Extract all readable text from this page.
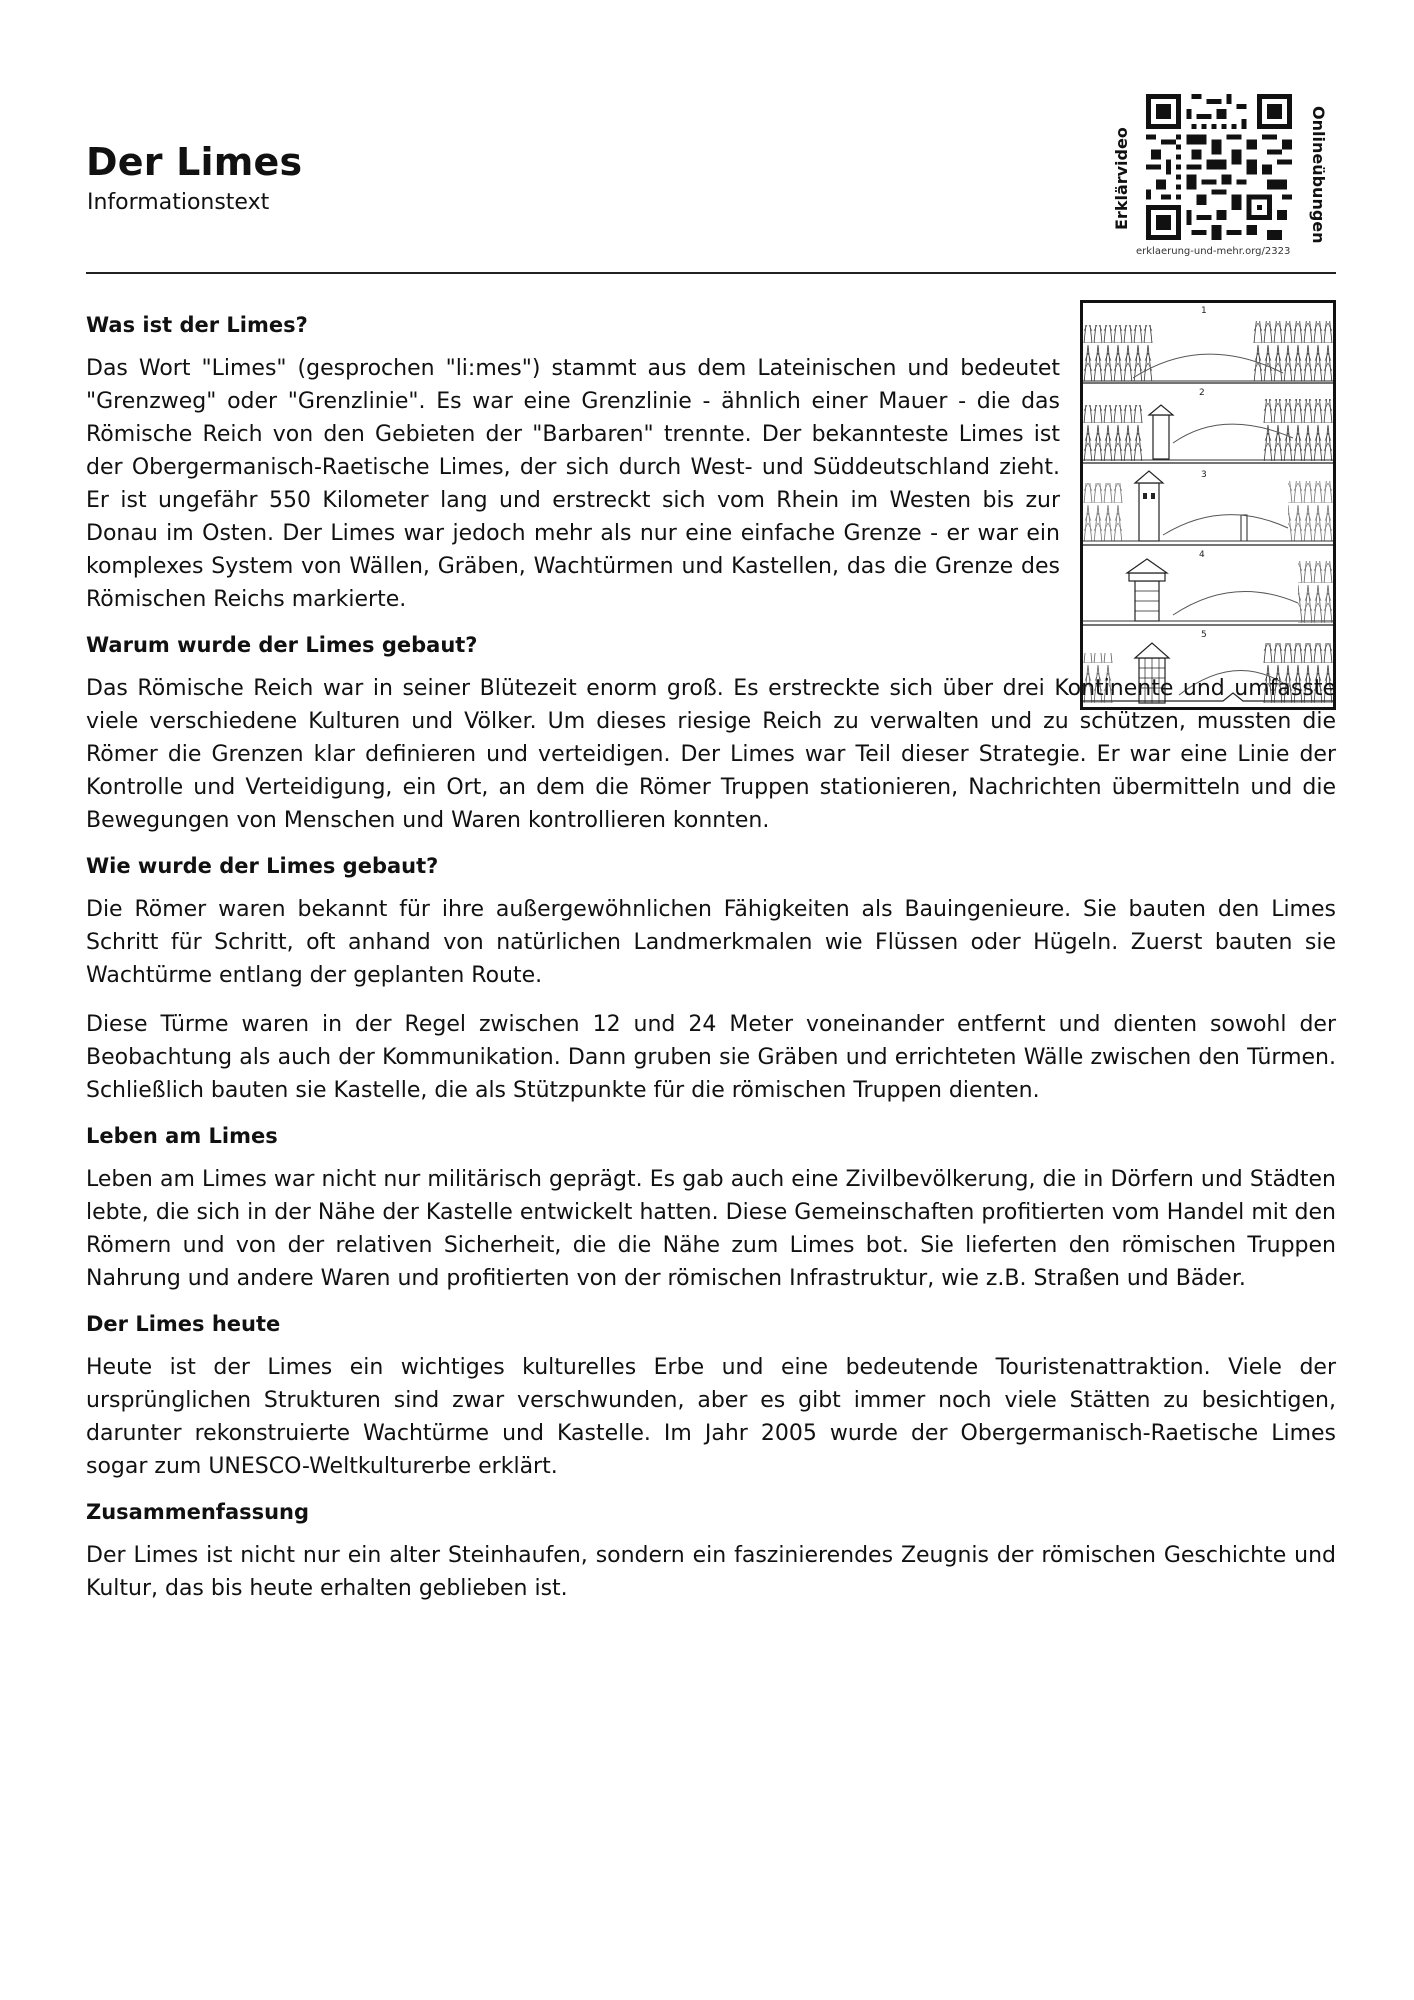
Der Limes
Informationstext	Erklärvideo
erklaerung-und-mehr.org/2323
Onlineübungen
1
2
3
4
5
Was ist der Limes?

Das Wort "Limes" (gesprochen "li:mes") stammt aus dem Lateinischen und bedeutet "Grenzweg" oder "Grenzlinie". Es war eine Grenzlinie - ähnlich einer Mauer - die das Römische Reich von den Gebieten der "Barbaren" trennte. Der bekannteste Limes ist der Obergermanisch-Raetische Limes, der sich durch West- und Süddeutschland zieht. Er ist ungefähr 550 Kilometer lang und erstreckt sich vom Rhein im Westen bis zur Donau im Osten. Der Limes war jedoch mehr als nur eine einfache Grenze - er war ein komplexes System von Wällen, Gräben, Wachtürmen und Kastellen, das die Grenze des Römischen Reichs markierte.

Warum wurde der Limes gebaut?

Das Römische Reich war in seiner Blütezeit enorm groß. Es erstreckte sich über drei Kontinente und umfasste viele verschiedene Kulturen und Völker. Um dieses riesige Reich zu verwalten und zu schützen, mussten die Römer die Grenzen klar definieren und verteidigen. Der Limes war Teil dieser Strategie. Er war eine Linie der Kontrolle und Verteidigung, ein Ort, an dem die Römer Truppen stationieren, Nachrichten übermitteln und die Bewegungen von Menschen und Waren kontrollieren konnten.

Wie wurde der Limes gebaut?

Die Römer waren bekannt für ihre außergewöhnlichen Fähigkeiten als Bauingenieure. Sie bauten den Limes Schritt für Schritt, oft anhand von natürlichen Landmerkmalen wie Flüssen oder Hügeln. Zuerst bauten sie Wachtürme entlang der geplanten Route.

Diese Türme waren in der Regel zwischen 12 und 24 Meter voneinander entfernt und dienten sowohl der Beobachtung als auch der Kommunikation. Dann gruben sie Gräben und errichteten Wälle zwischen den Türmen. Schließlich bauten sie Kastelle, die als Stützpunkte für die römischen Truppen dienten.

Leben am Limes

Leben am Limes war nicht nur militärisch geprägt. Es gab auch eine Zivilbevölkerung, die in Dörfern und Städten lebte, die sich in der Nähe der Kastelle entwickelt hatten. Diese Gemeinschaften profitierten vom Handel mit den Römern und von der relativen Sicherheit, die die Nähe zum Limes bot. Sie lieferten den römischen Truppen Nahrung und andere Waren und profitierten von der römischen Infrastruktur, wie z.B. Straßen und Bäder.

Der Limes heute

Heute ist der Limes ein wichtiges kulturelles Erbe und eine bedeutende Touristenattraktion. Viele der ursprünglichen Strukturen sind zwar verschwunden, aber es gibt immer noch viele Stätten zu besichtigen, darunter rekonstruierte Wachtürme und Kastelle. Im Jahr 2005 wurde der Obergermanisch-Raetische Limes sogar zum UNESCO-Weltkulturerbe erklärt.

Zusammenfassung

Der Limes ist nicht nur ein alter Steinhaufen, sondern ein faszinierendes Zeugnis der römischen Geschichte und Kultur, das bis heute erhalten geblieben ist.
